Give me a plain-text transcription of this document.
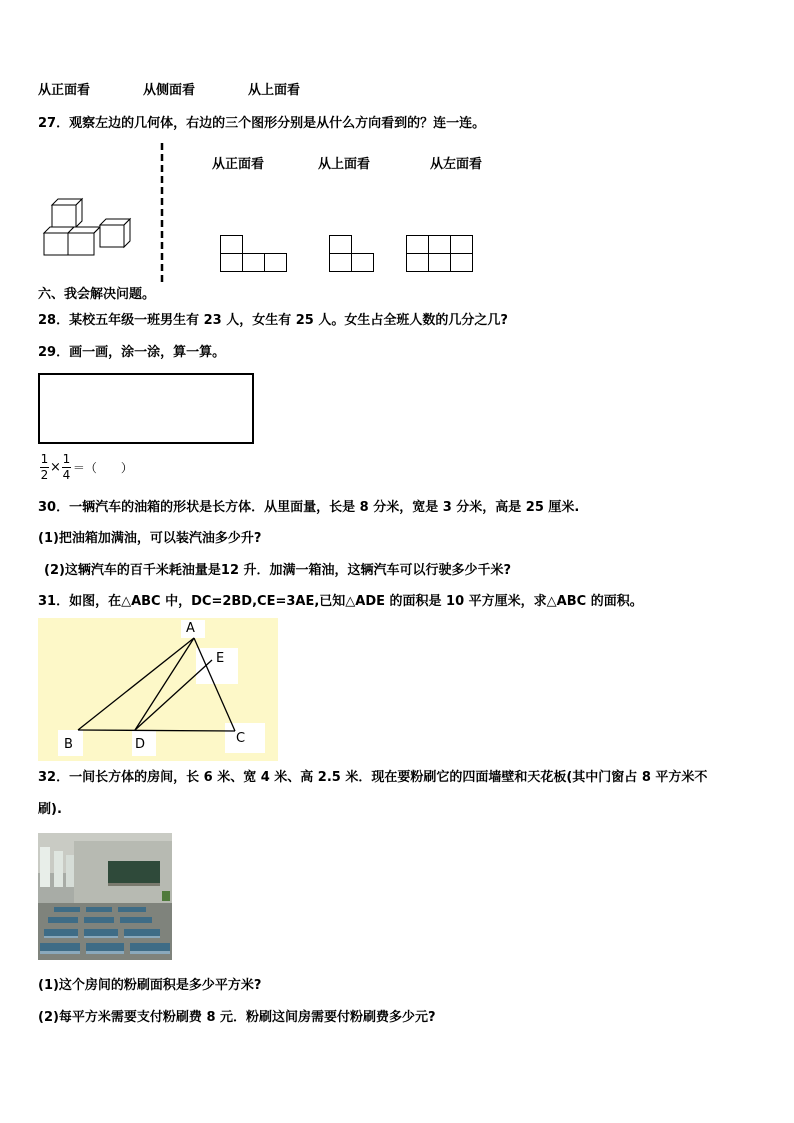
从正面看	从侧面看	从上面看
27．观察左边的几何体，右边的三个图形分别是从什么方向看到的？连一连。
从正面看	从上面看	从左面看
六、我会解决问题。
28．某校五年级一班男生有 23 人，女生有 25 人。女生占全班人数的几分之几?
29．画一画，涂一涂，算一算。
$\frac{1}{2} \times \frac{1}{4}$ ＝（　　）
30．一辆汽车的油箱的形状是长方体．从里面量，长是 8 分米，宽是 3 分米，高是 25 厘米.
(1)把油箱加满油，可以装汽油多少升?
(2)这辆汽车的百千米耗油量是12 升．加满一箱油，这辆汽车可以行驶多少千米?
31．如图，在△ABC 中，DC=2BD,CE=3AE,已知△ADE 的面积是 10 平方厘米，求△ABC 的面积。
A
E
B	D	C
32．一间长方体的房间，长 6 米、宽 4 米、高 2.5 米．现在要粉刷它的四面墙壁和天花板(其中门窗占 8 平方米不
刷).
(1)这个房间的粉刷面积是多少平方米?
(2)每平方米需要支付粉刷费 8 元．粉刷这间房需要付粉刷费多少元?
